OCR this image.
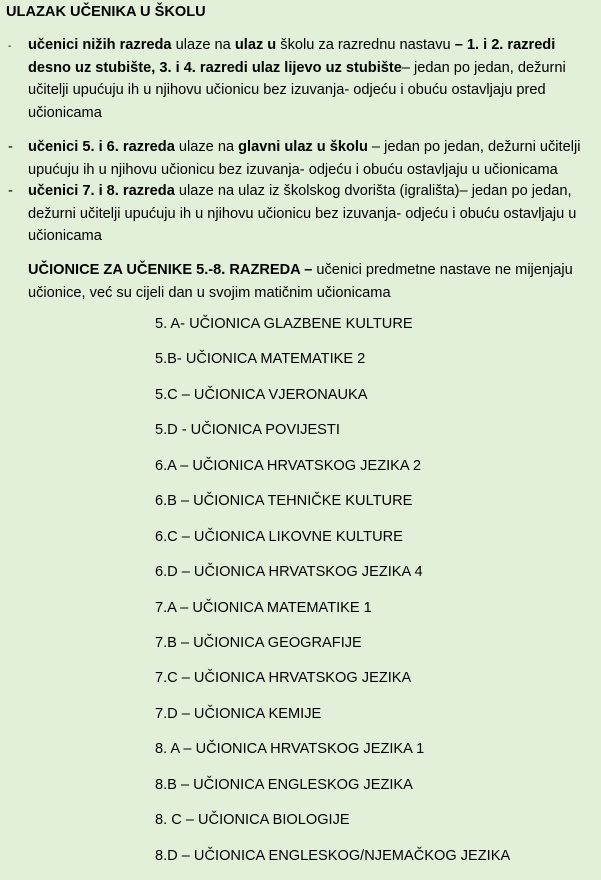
ULAZAK UČENIKA U ŠKOLU
-	učenici nižih razreda ulaze na ulaz u školu za razrednu nastavu – 1. i 2. razredi desno uz stubište, 3. i 4. razredi ulaz lijevo uz stubište– jedan po jedan, dežurni učitelji upućuju ih u njihovu učionicu bez izuvanja- odjeću i obuću ostavljaju pred učionicama

-	učenici 5. i 6. razreda ulaze na glavni ulaz u školu – jedan po jedan, dežurni učitelji upućuju ih u njihovu učionicu bez izuvanja- odjeću i obuću ostavljaju u učionicama

-	učenici 7. i 8. razreda ulaze na ulaz iz školskog dvorišta (igrališta)– jedan po jedan, dežurni učitelji upućuju ih u njihovu učionicu bez izuvanja- odjeću i obuću ostavljaju u učionicama

UČIONICE ZA UČENIKE 5.-8. RAZREDA – učenici predmetne nastave ne mijenjaju učionice, već su cijeli dan u svojim matičnim učionicama

5. A- UČIONICA GLAZBENE KULTURE
5.B- UČIONICA MATEMATIKE 2
5.C – UČIONICA VJERONAUKA
5.D - UČIONICA POVIJESTI
6.A – UČIONICA HRVATSKOG JEZIKA 2
6.B – UČIONICA TEHNIČKE KULTURE
6.C – UČIONICA LIKOVNE KULTURE
6.D – UČIONICA HRVATSKOG JEZIKA 4
7.A – UČIONICA MATEMATIKE 1
7.B – UČIONICA GEOGRAFIJE
7.C – UČIONICA HRVATSKOG JEZIKA
7.D – UČIONICA KEMIJE
8. A – UČIONICA HRVATSKOG JEZIKA 1
8.B – UČIONICA ENGLESKOG JEZIKA
8. C – UČIONICA BIOLOGIJE
8.D – UČIONICA ENGLESKOG/NJEMAČKOG JEZIKA
